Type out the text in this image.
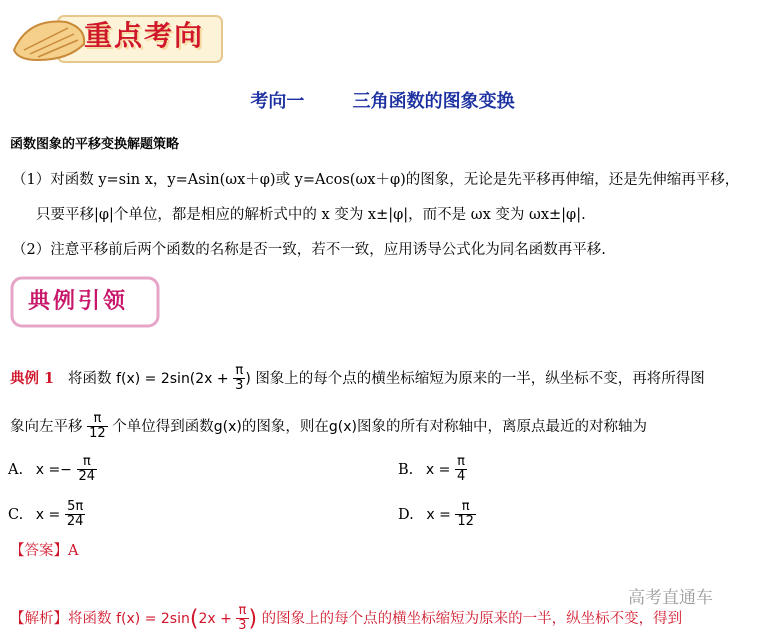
重点考向
考向一　 三角函数的图象变换
函数图象的平移变换解题策略
（1）对函数 y=sin x，y=Asin(ωx＋φ)或 y=Acos(ωx＋φ)的图象，无论是先平移再伸缩，还是先伸缩再平移，
只要平移|φ|个单位，都是相应的解析式中的 x 变为 x±|φ|，而不是 ωx 变为 ωx±|φ|.
（2）注意平移前后两个函数的名称是否一致，若不一致，应用诱导公式化为同名函数再平移.
典例引领
典例 1 将函数 $f(x) = 2\sin(2x + \frac{\pi}{3}$ ) 图象上的每个点的横坐标缩短为原来的一半，纵坐标不变，再将所得图
象向左平移 $\frac{\pi}{12}$ 个单位得到函数g(x)的图象，则在g(x)图象的所有对称轴中，离原点最近的对称轴为
A. $x =- \frac{\pi}{24}$	B. $x = \frac{\pi}{4}$
C. $x = \frac{5\pi}{24}$	D. $x = \frac{\pi}{12}$
【答案】A
【解析】将函数 $f(x) = 2\sin(2x + \frac{\pi}{3}$ ) 的图象上的每个点的横坐标缩短为原来的一半，纵坐标不变，得到
高考直通车
